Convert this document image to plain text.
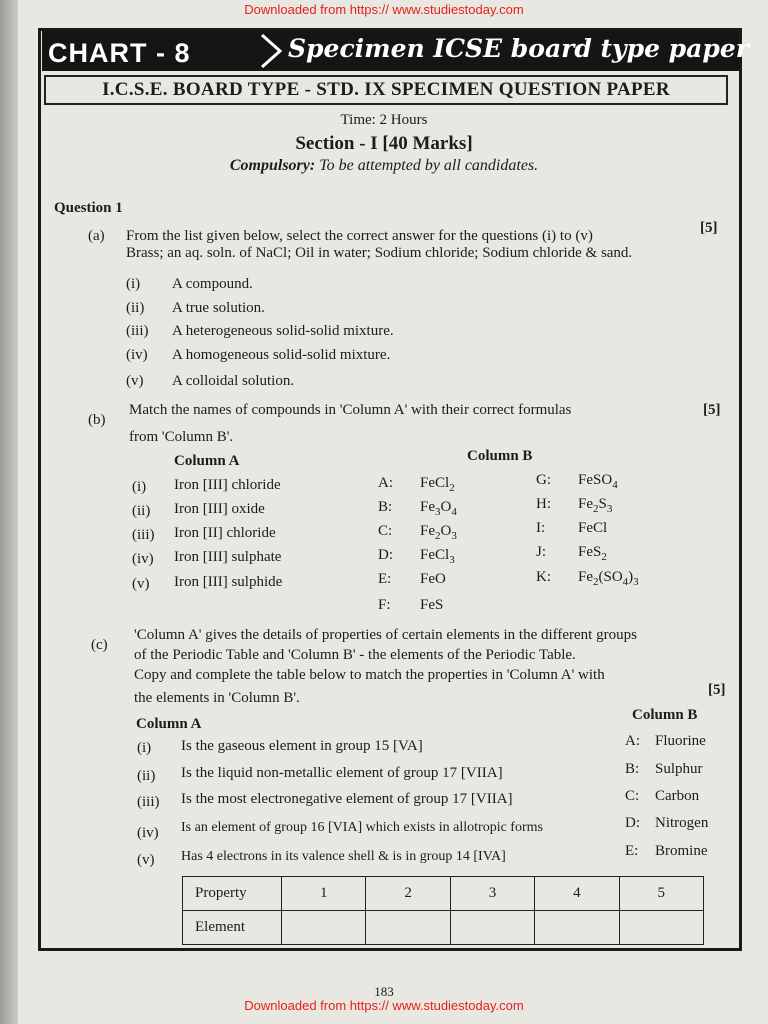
Downloaded from https:// www.studiestoday.com
CHART - 8	Specimen ICSE board type paper
I.C.S.E. BOARD TYPE - STD. IX SPECIMEN QUESTION PAPER
Time: 2 Hours
Section - I [40 Marks]
Compulsory: To be attempted by all candidates.
Question 1
(a) From the list given below, select the correct answer for the questions (i) to (v)	[5]
Brass; an aq. soln. of NaCl; Oil in water; Sodium chloride; Sodium chloride & sand.
(i) A compound.
(ii) A true solution.
(iii) A heterogeneous solid-solid mixture.
(iv) A homogeneous solid-solid mixture.
(v) A colloidal solution.
(b)
Match the names of compounds in 'Column A' with their correct formulas	[5]
from 'Column B'.
Column A	Column B
(i) Iron [III] chloride
(ii) Iron [III] oxide
(iii) Iron [II] chloride
(iv) Iron [III] sulphate
(v) Iron [III] sulphide
A: FeCl$_2$
B: $Fe_3O_4$
C: $Fe_2O_3$
D: FeCl$_3$
E: FeO
F: FeS
G: FeSO$_4$
H: $Fe_2S_3$
I: FeCl
J: FeS$_2$
K: $Fe_2(SO_4)_3$
(c)
'Column A' gives the details of properties of certain elements in the different groups
of the Periodic Table and 'Column B' - the elements of the Periodic Table.
Copy and complete the table below to match the properties in 'Column A' with
the elements in 'Column B'.	[5]
Column A
Column B
(i) Is the gaseous element in group 15 [VA]
(ii) Is the liquid non-metallic element of group 17 [VIIA]
(iii) Is the most electronegative element of group 17 [VIIA]
(iv) Is an element of group 16 [VIA] which exists in allotropic forms
(v) Has 4 electrons in its valence shell & is in group 14 [IVA]
A: Fluorine
B: Sulphur
C: Carbon
D: Nitrogen
E: Bromine
Property	1	2	3	4	5
Element					
183
Downloaded from https:// www.studiestoday.com
